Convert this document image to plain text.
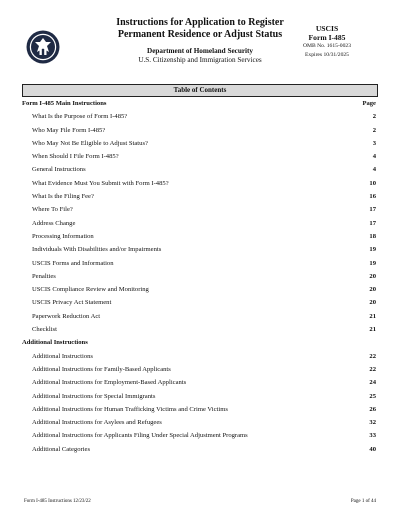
Instructions for Application to Register
Permanent Residence or Adjust Status
Department of Homeland Security
U.S. Citizenship and Immigration Services
USCIS
Form I-485
OMB No. 1615-0023
Expires 10/31/2025
Table of Contents
Form I-485 Main Instructions	Page
What Is the Purpose of Form I-485?	2
Who May File Form I-485?	2
Who May Not Be Eligible to Adjust Status?	3
When Should I File Form I-485?	4
General Instructions	4
What Evidence Must You Submit with Form I-485?	10
What Is the Filing Fee?	16
Where To File?	17
Address Change	17
Processing Information	18
Individuals With Disabilities and/or Impairments	19
USCIS Forms and Information	19
Penalties	20
USCIS Compliance Review and Monitoring	20
USCIS Privacy Act Statement	20
Paperwork Reduction Act	21
Checklist	21
Additional Instructions
Additional Instructions	22
Additional Instructions for Family-Based Applicants	22
Additional Instructions for Employment-Based Applicants	24
Additional Instructions for Special Immigrants	25
Additional Instructions for Human Trafficking Victims and Crime Victims	26
Additional Instructions for Asylees and Refugees	32
Additional Instructions for Applicants Filing Under Special Adjustment Programs	33
Additional Categories	40
Form I-485 Instructions 12/23/22	Page 1 of 44
